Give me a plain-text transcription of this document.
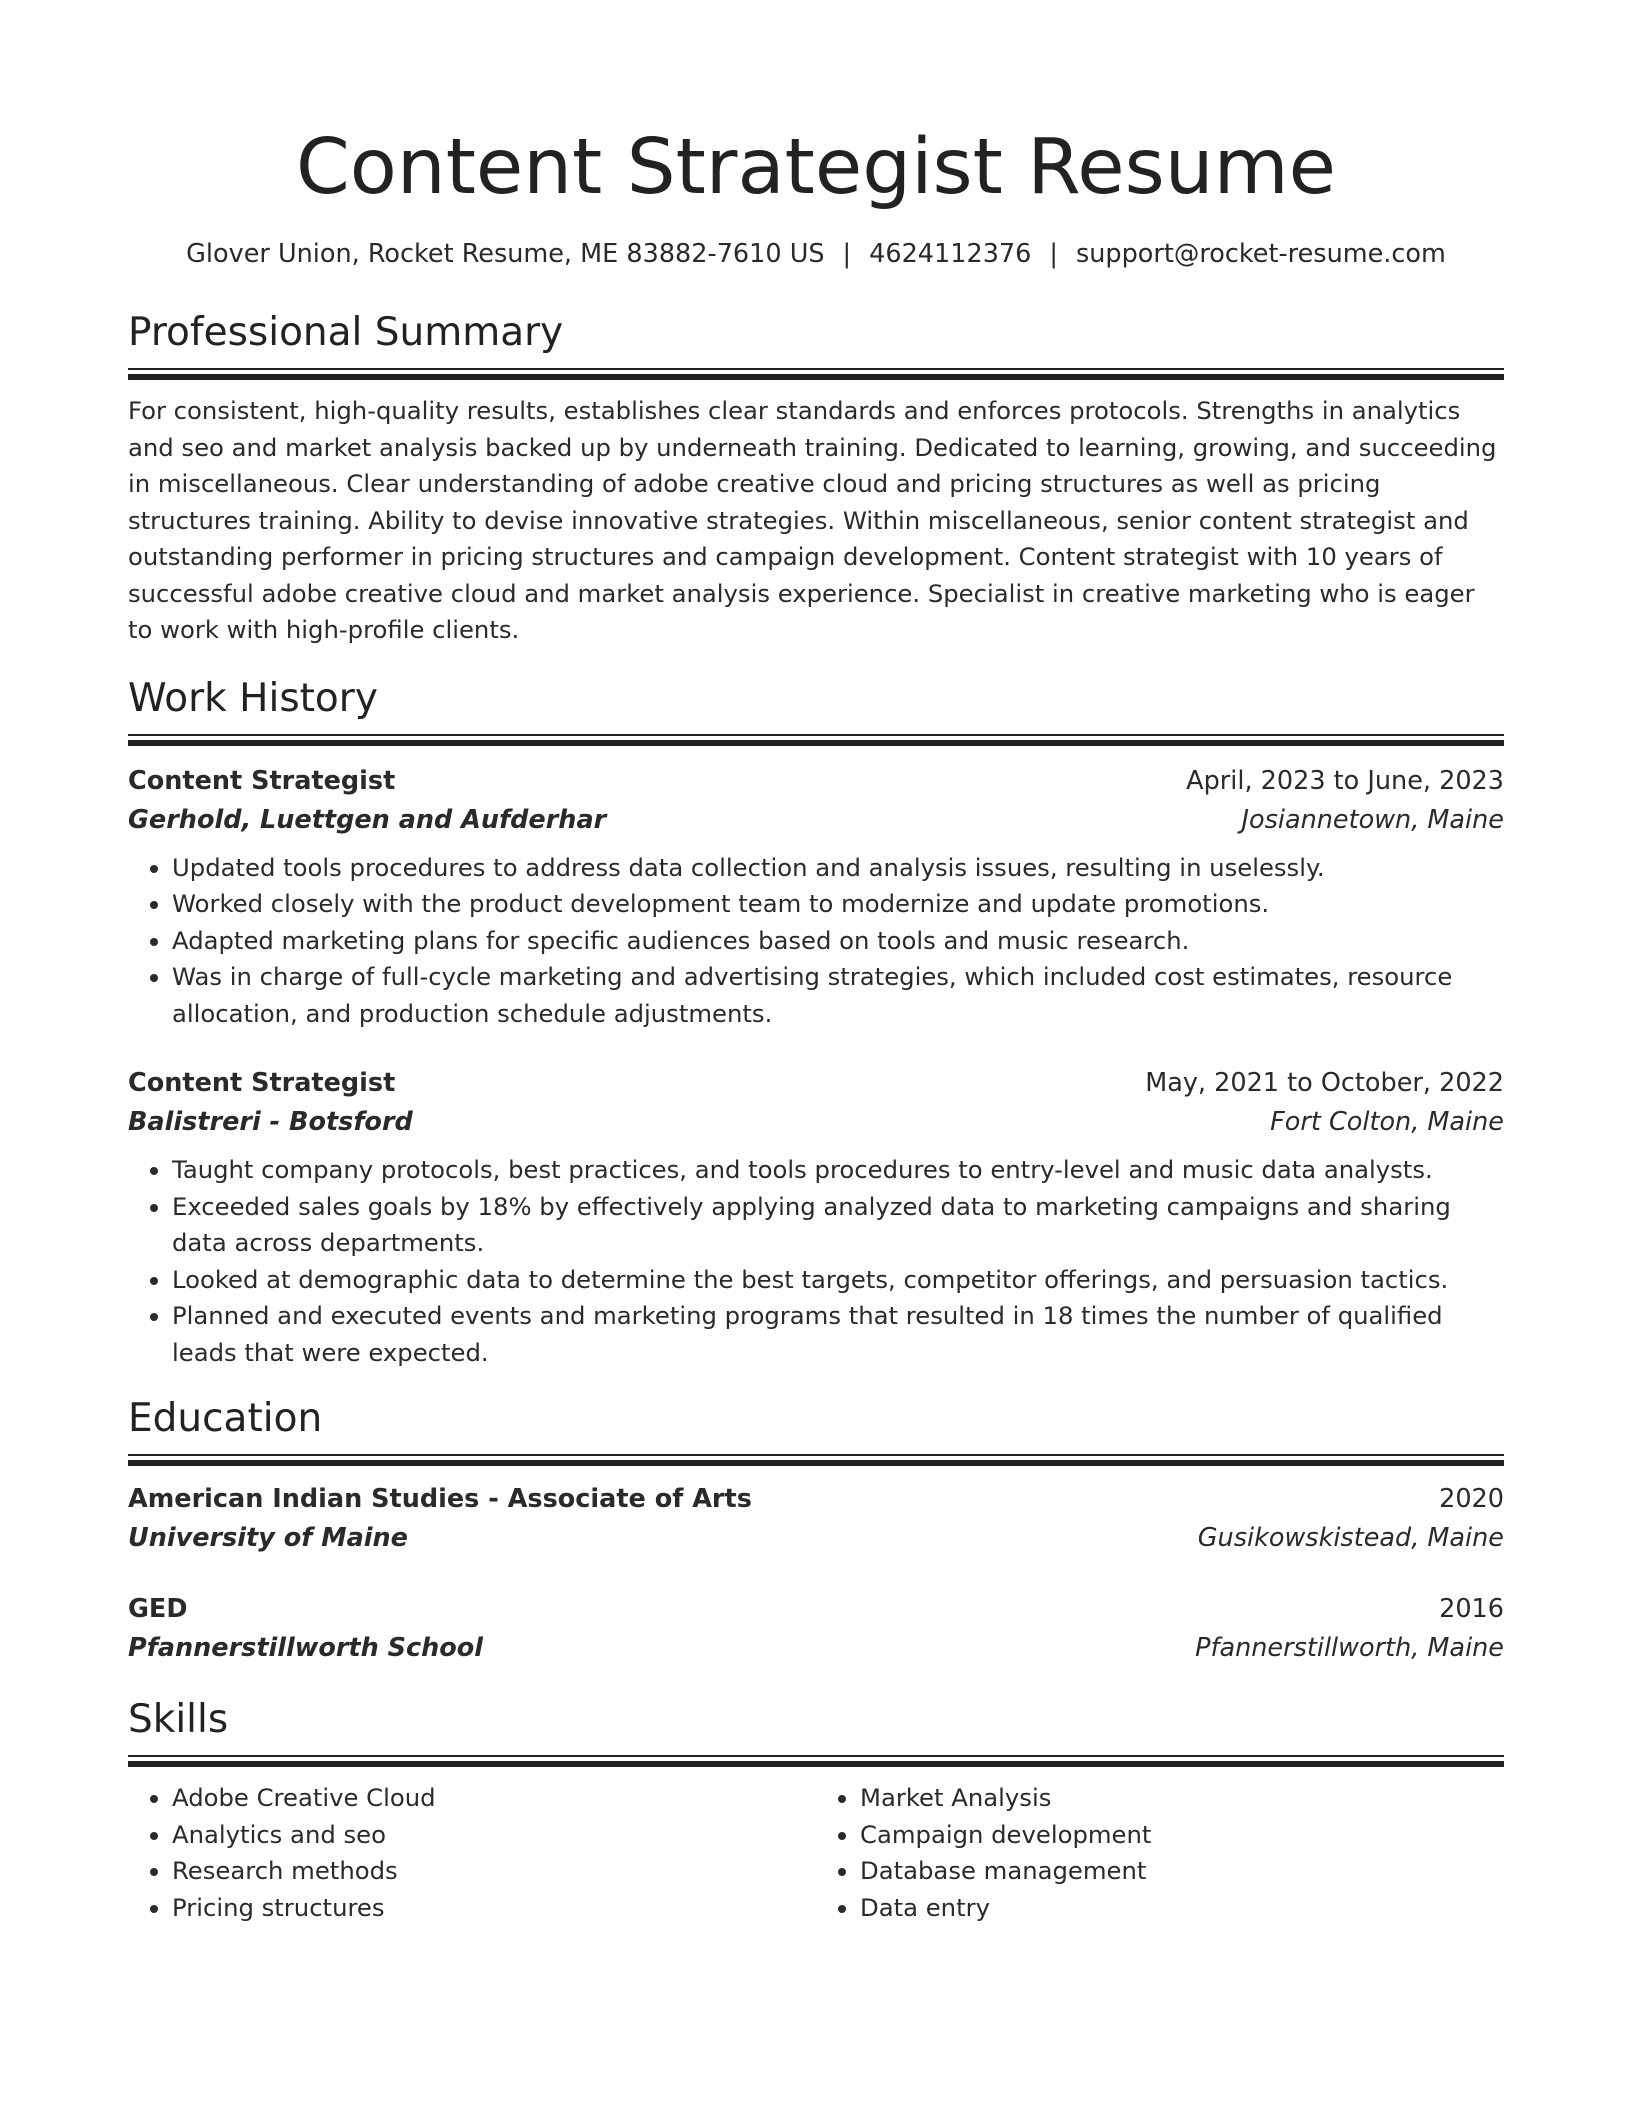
Content Strategist Resume
Glover Union, Rocket Resume, ME 83882-7610 US | 4624112376 | support@rocket-resume.com
Professional Summary
For consistent, high-quality results, establishes clear standards and enforces protocols. Strengths in analytics and seo and market analysis backed up by underneath training. Dedicated to learning, growing, and succeeding in miscellaneous. Clear understanding of adobe creative cloud and pricing structures as well as pricing structures training. Ability to devise innovative strategies. Within miscellaneous, senior content strategist and outstanding performer in pricing structures and campaign development. Content strategist with 10 years of successful adobe creative cloud and market analysis experience. Specialist in creative marketing who is eager to work with high-profile clients.
Work History
Content Strategist	April, 2023 to June, 2023
Gerhold, Luettgen and Aufderhar	Josiannetown, Maine
• Updated tools procedures to address data collection and analysis issues, resulting in uselessly.
• Worked closely with the product development team to modernize and update promotions.
• Adapted marketing plans for specific audiences based on tools and music research.
• Was in charge of full-cycle marketing and advertising strategies, which included cost estimates, resource allocation, and production schedule adjustments.
Content Strategist	May, 2021 to October, 2022
Balistreri - Botsford	Fort Colton, Maine
• Taught company protocols, best practices, and tools procedures to entry-level and music data analysts.
• Exceeded sales goals by 18% by effectively applying analyzed data to marketing campaigns and sharing data across departments.
• Looked at demographic data to determine the best targets, competitor offerings, and persuasion tactics.
• Planned and executed events and marketing programs that resulted in 18 times the number of qualified leads that were expected.
Education
American Indian Studies - Associate of Arts	2020
University of Maine	Gusikowskistead, Maine
GED	2016
Pfannerstillworth School	Pfannerstillworth, Maine
Skills
• Adobe Creative Cloud
• Analytics and seo
• Research methods
• Pricing structures
• Market Analysis
• Campaign development
• Database management
• Data entry
